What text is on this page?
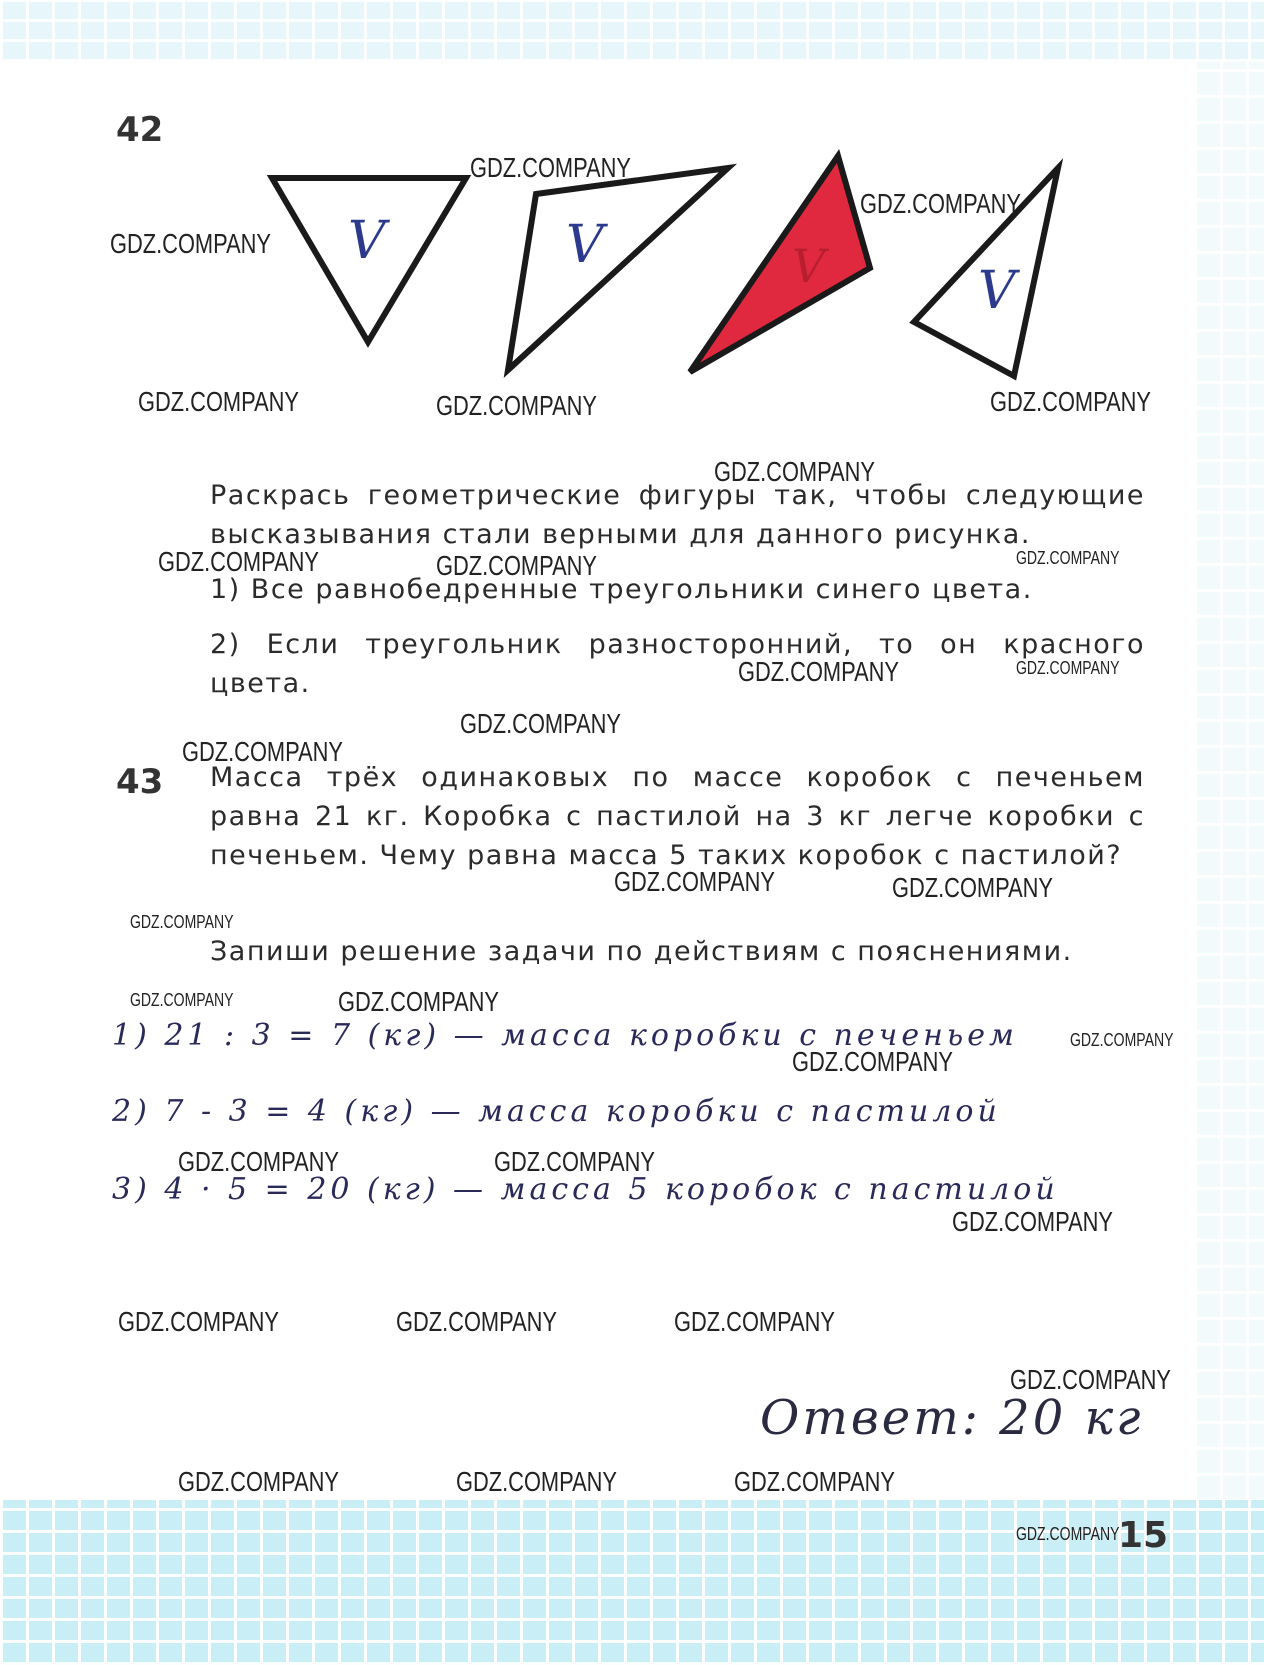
42
V	V	V	V
Раскрась геометрические фигуры так, чтобы следующие высказывания стали верными для данного рисунка.
1) Все равнобедренные треугольники синего цвета.
2) Если треугольник разносторонний, то он красного цвета.
43 Масса трёх одинаковых по массе коробок с печеньем равна 21 кг. Коробка с пастилой на 3 кг легче коробки с печеньем. Чему равна масса 5 таких коробок с пастилой?
Запиши решение задачи по действиям с пояснениями.
1) 21 : 3 = 7 (кг) — масса коробки с печеньем
2) 7 - 3 = 4 (кг) — масса коробки с пастилой
3) 4 · 5 = 20 (кг) — масса 5 коробок с пастилой
Ответ: 20 кг
15
GDZ.COMPANY
GDZ.COMPANY
GDZ.COMPANY
GDZ.COMPANY	GDZ.COMPANY	GDZ.COMPANY
GDZ.COMPANY
GDZ.COMPANY	GDZ.COMPANY	GDZ.COMPANY
GDZ.COMPANY	GDZ.COMPANY
GDZ.COMPANY
GDZ.COMPANY
GDZ.COMPANY	GDZ.COMPANY
GDZ.COMPANY
GDZ.COMPANY	GDZ.COMPANY
GDZ.COMPANY
GDZ.COMPANY
GDZ.COMPANY	GDZ.COMPANY
GDZ.COMPANY
GDZ.COMPANY	GDZ.COMPANY	GDZ.COMPANY
GDZ.COMPANY
GDZ.COMPANY	GDZ.COMPANY	GDZ.COMPANY
GDZ.COMPANY
